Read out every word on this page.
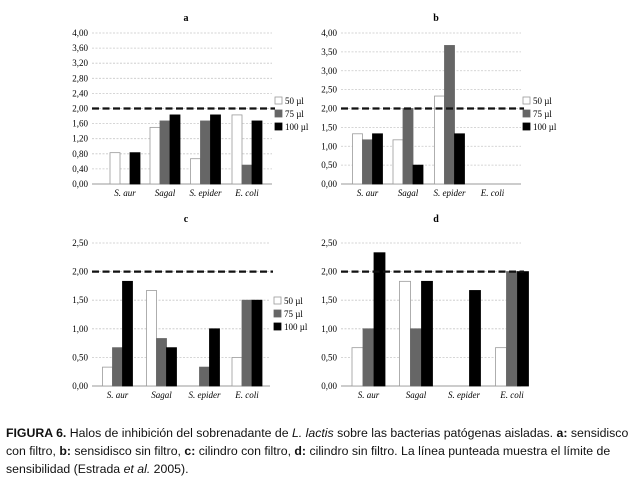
a
0,00
0,40
0,80
1,20
1,60
2,00
2,40
2,80
3,20
3,60
4,00
S. aur Sagal S. epider E. coli
50 µl
75 µl
100 µl
b
0,00
0,50
1,00
1,50
2,00
2,50
3,00
3,50
4,00
S. aur Sagal S. epider E. coli
50 µl
75 µl
100 µl
c
0,00
0,50
1,00
1,50
2,00
2,50
S. aur	Sagal S. epider E. coli
50 µl
75 µl
100 µl
d
0,00
0,50
1,00
1,50
2,00
2,50
S. aur	Sagal S. epider E. coli
FIGURA 6. Halos de inhibición del sobrenadante de L. lactis sobre las bacterias patógenas aisladas. a: sensidisco con filtro, b: sensidisco sin filtro, c: cilindro con filtro, d: cilindro sin filtro. La línea punteada muestra el límite de sensibilidad (Estrada et al. 2005).
